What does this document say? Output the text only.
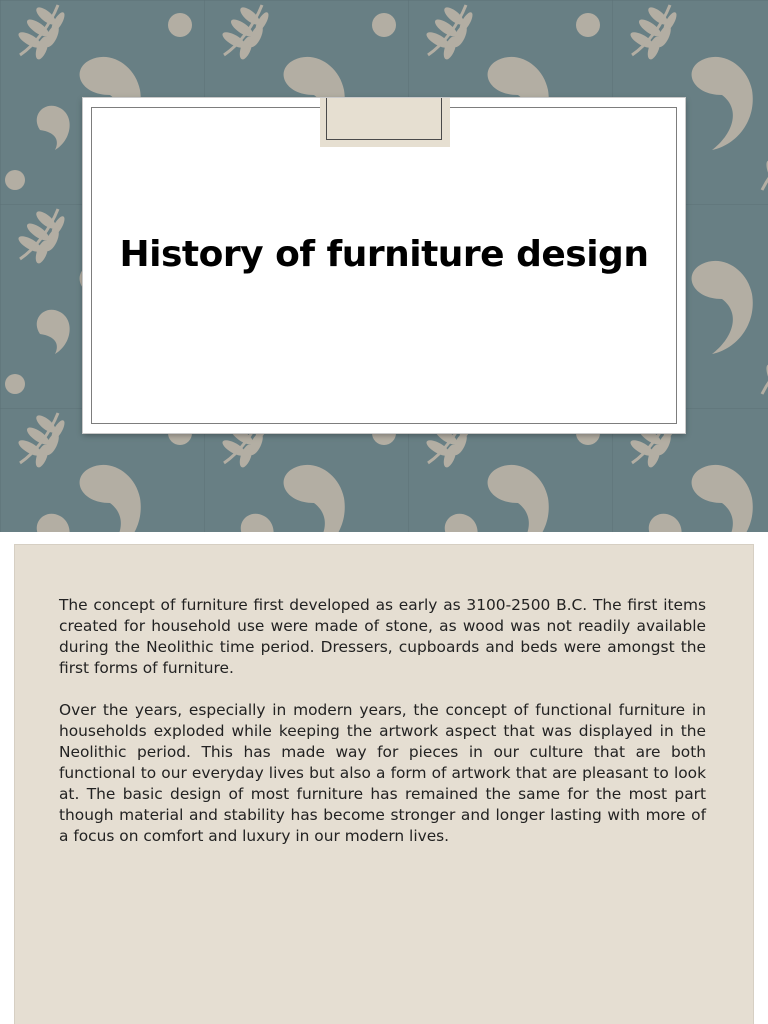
History of furniture design

The concept of furniture first developed as early as 3100-2500 B.C. The first items created for household use were made of stone, as wood was not readily available during the Neolithic time period. Dressers, cupboards and beds were amongst the first forms of furniture.

Over the years, especially in modern years, the concept of functional furniture in households exploded while keeping the artwork aspect that was displayed in the Neolithic period. This has made way for pieces in our culture that are both functional to our everyday lives but also a form of artwork that are pleasant to look at. The basic design of most furniture has remained the same for the most part though material and stability has become stronger and longer lasting with more of a focus on comfort and luxury in our modern lives.
